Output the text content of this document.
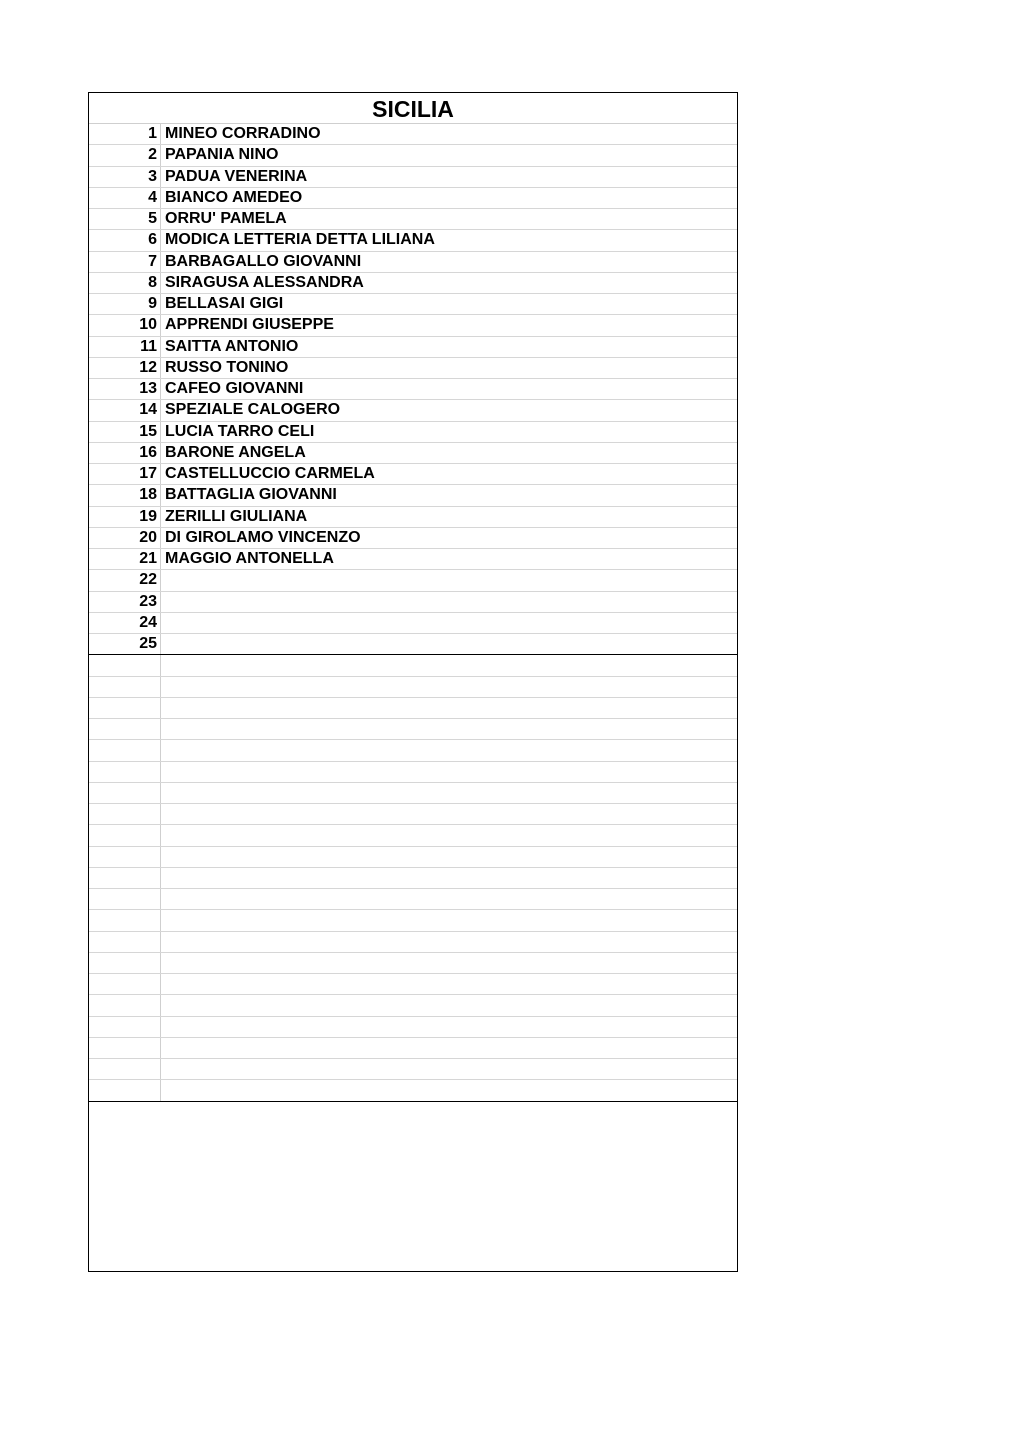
SICILIA
1 MINEO CORRADINO
2 PAPANIA NINO
3 PADUA VENERINA
4 BIANCO AMEDEO
5 ORRU' PAMELA
6 MODICA LETTERIA DETTA LILIANA
7 BARBAGALLO GIOVANNI
8 SIRAGUSA ALESSANDRA
9 BELLASAI GIGI
10 APPRENDI GIUSEPPE
11 SAITTA ANTONIO
12 RUSSO TONINO
13 CAFEO GIOVANNI
14 SPEZIALE CALOGERO
15 LUCIA TARRO CELI
16 BARONE ANGELA
17 CASTELLUCCIO CARMELA
18 BATTAGLIA GIOVANNI
19 ZERILLI GIULIANA
20 DI GIROLAMO VINCENZO
21 MAGGIO ANTONELLA
22
23
24
25
